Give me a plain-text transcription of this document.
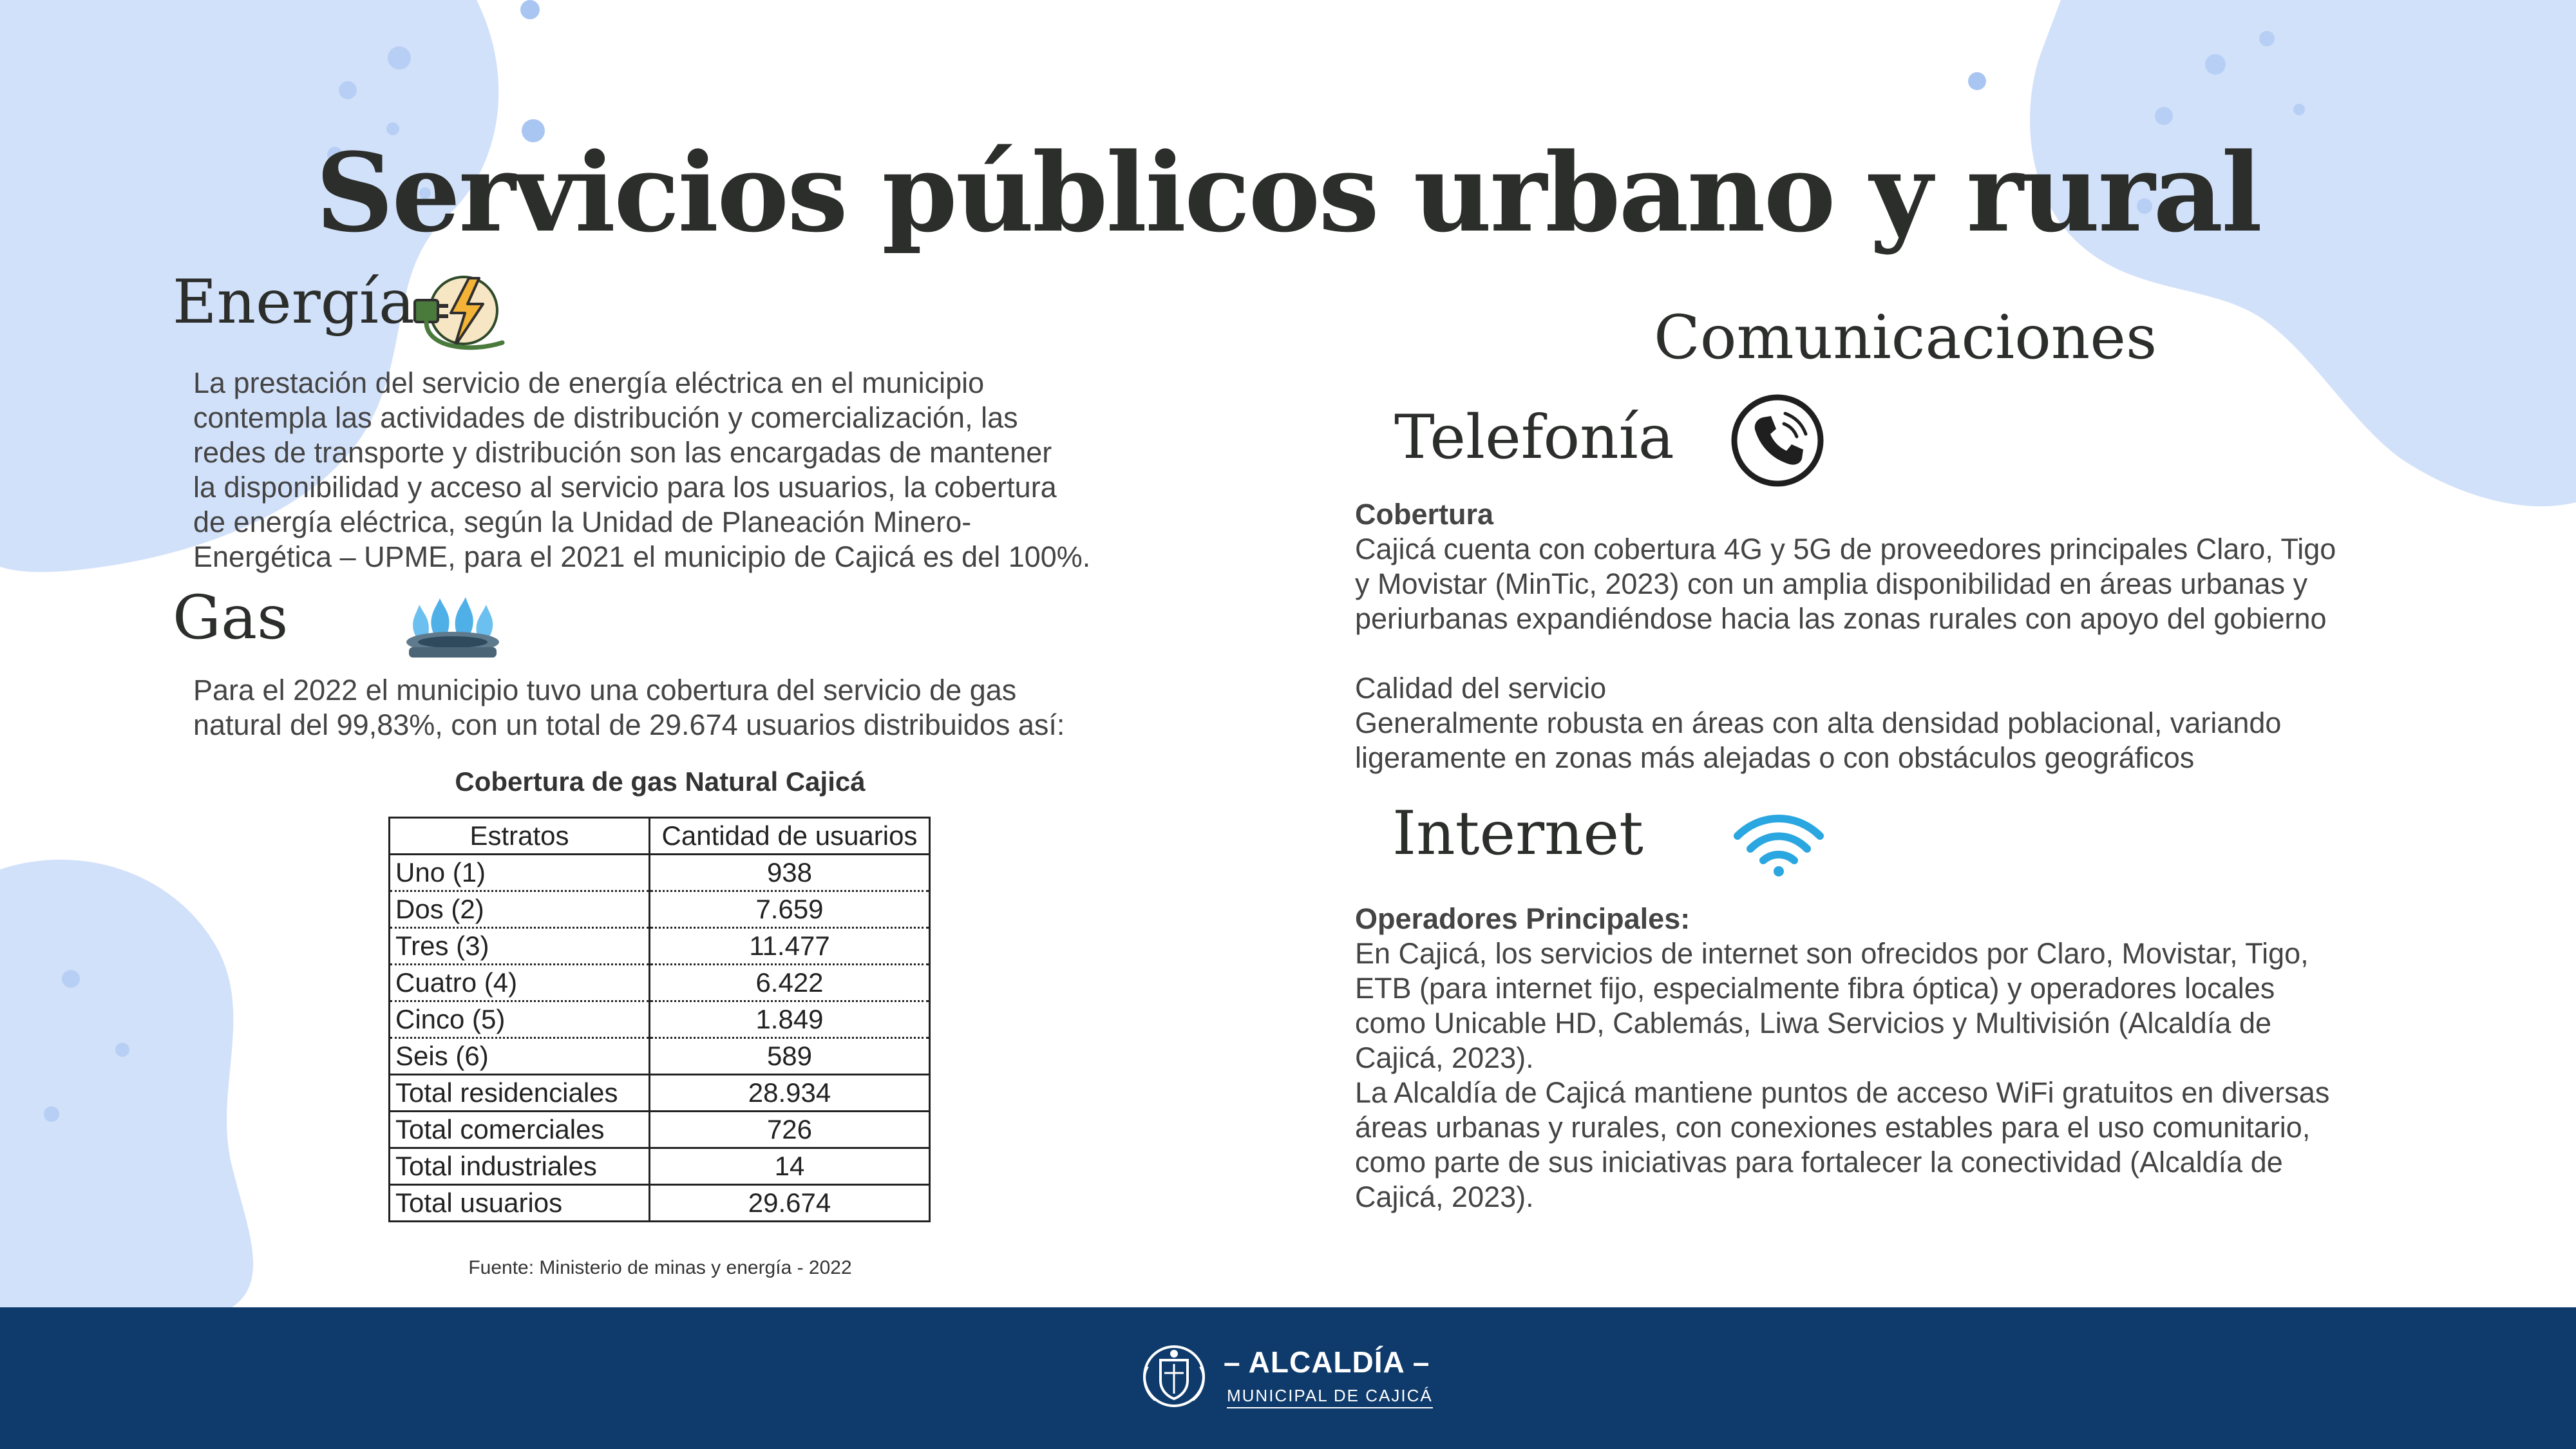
Servicios públicos urbano y rural
Energía
La prestación del servicio de energía eléctrica en el municipio
contempla las actividades de distribución y comercialización, las
redes de transporte y distribución son las encargadas de mantener
la disponibilidad y acceso al servicio para los usuarios, la cobertura
de energía eléctrica, según la Unidad de Planeación Minero-
Energética – UPME, para el 2021 el municipio de Cajicá es del 100%.
Gas
Para el 2022 el municipio tuvo una cobertura del servicio de gas
natural del 99,83%, con un total de 29.674 usuarios distribuidos así:
Cobertura de gas Natural Cajicá
Estratos	Cantidad de usuarios
Uno (1)	938
Dos (2)	7.659
Tres (3)	11.477
Cuatro (4)	6.422
Cinco (5)	1.849
Seis (6)	589
Total residenciales	28.934
Total comerciales	726
Total industriales	14
Total usuarios	29.674
Fuente: Ministerio de minas y energía - 2022
Comunicaciones
Telefonía
Cobertura
Cajicá cuenta con cobertura 4G y 5G de proveedores principales Claro, Tigo
y Movistar (MinTic, 2023) con un amplia disponibilidad en áreas urbanas y
periurbanas expandiéndose hacia las zonas rurales con apoyo del gobierno
Calidad del servicio
Generalmente robusta en áreas con alta densidad poblacional, variando
ligeramente en zonas más alejadas o con obstáculos geográficos
Internet
Operadores Principales:
En Cajicá, los servicios de internet son ofrecidos por Claro, Movistar, Tigo,
ETB (para internet fijo, especialmente fibra óptica) y operadores locales
como Unicable HD, Cablemás, Liwa Servicios y Multivisión (Alcaldía de
Cajicá, 2023).
La Alcaldía de Cajicá mantiene puntos de acceso WiFi gratuitos en diversas
áreas urbanas y rurales, con conexiones estables para el uso comunitario,
como parte de sus iniciativas para fortalecer la conectividad (Alcaldía de
Cajicá, 2023).
– ALCALDÍA –
MUNICIPAL DE CAJICÁ
